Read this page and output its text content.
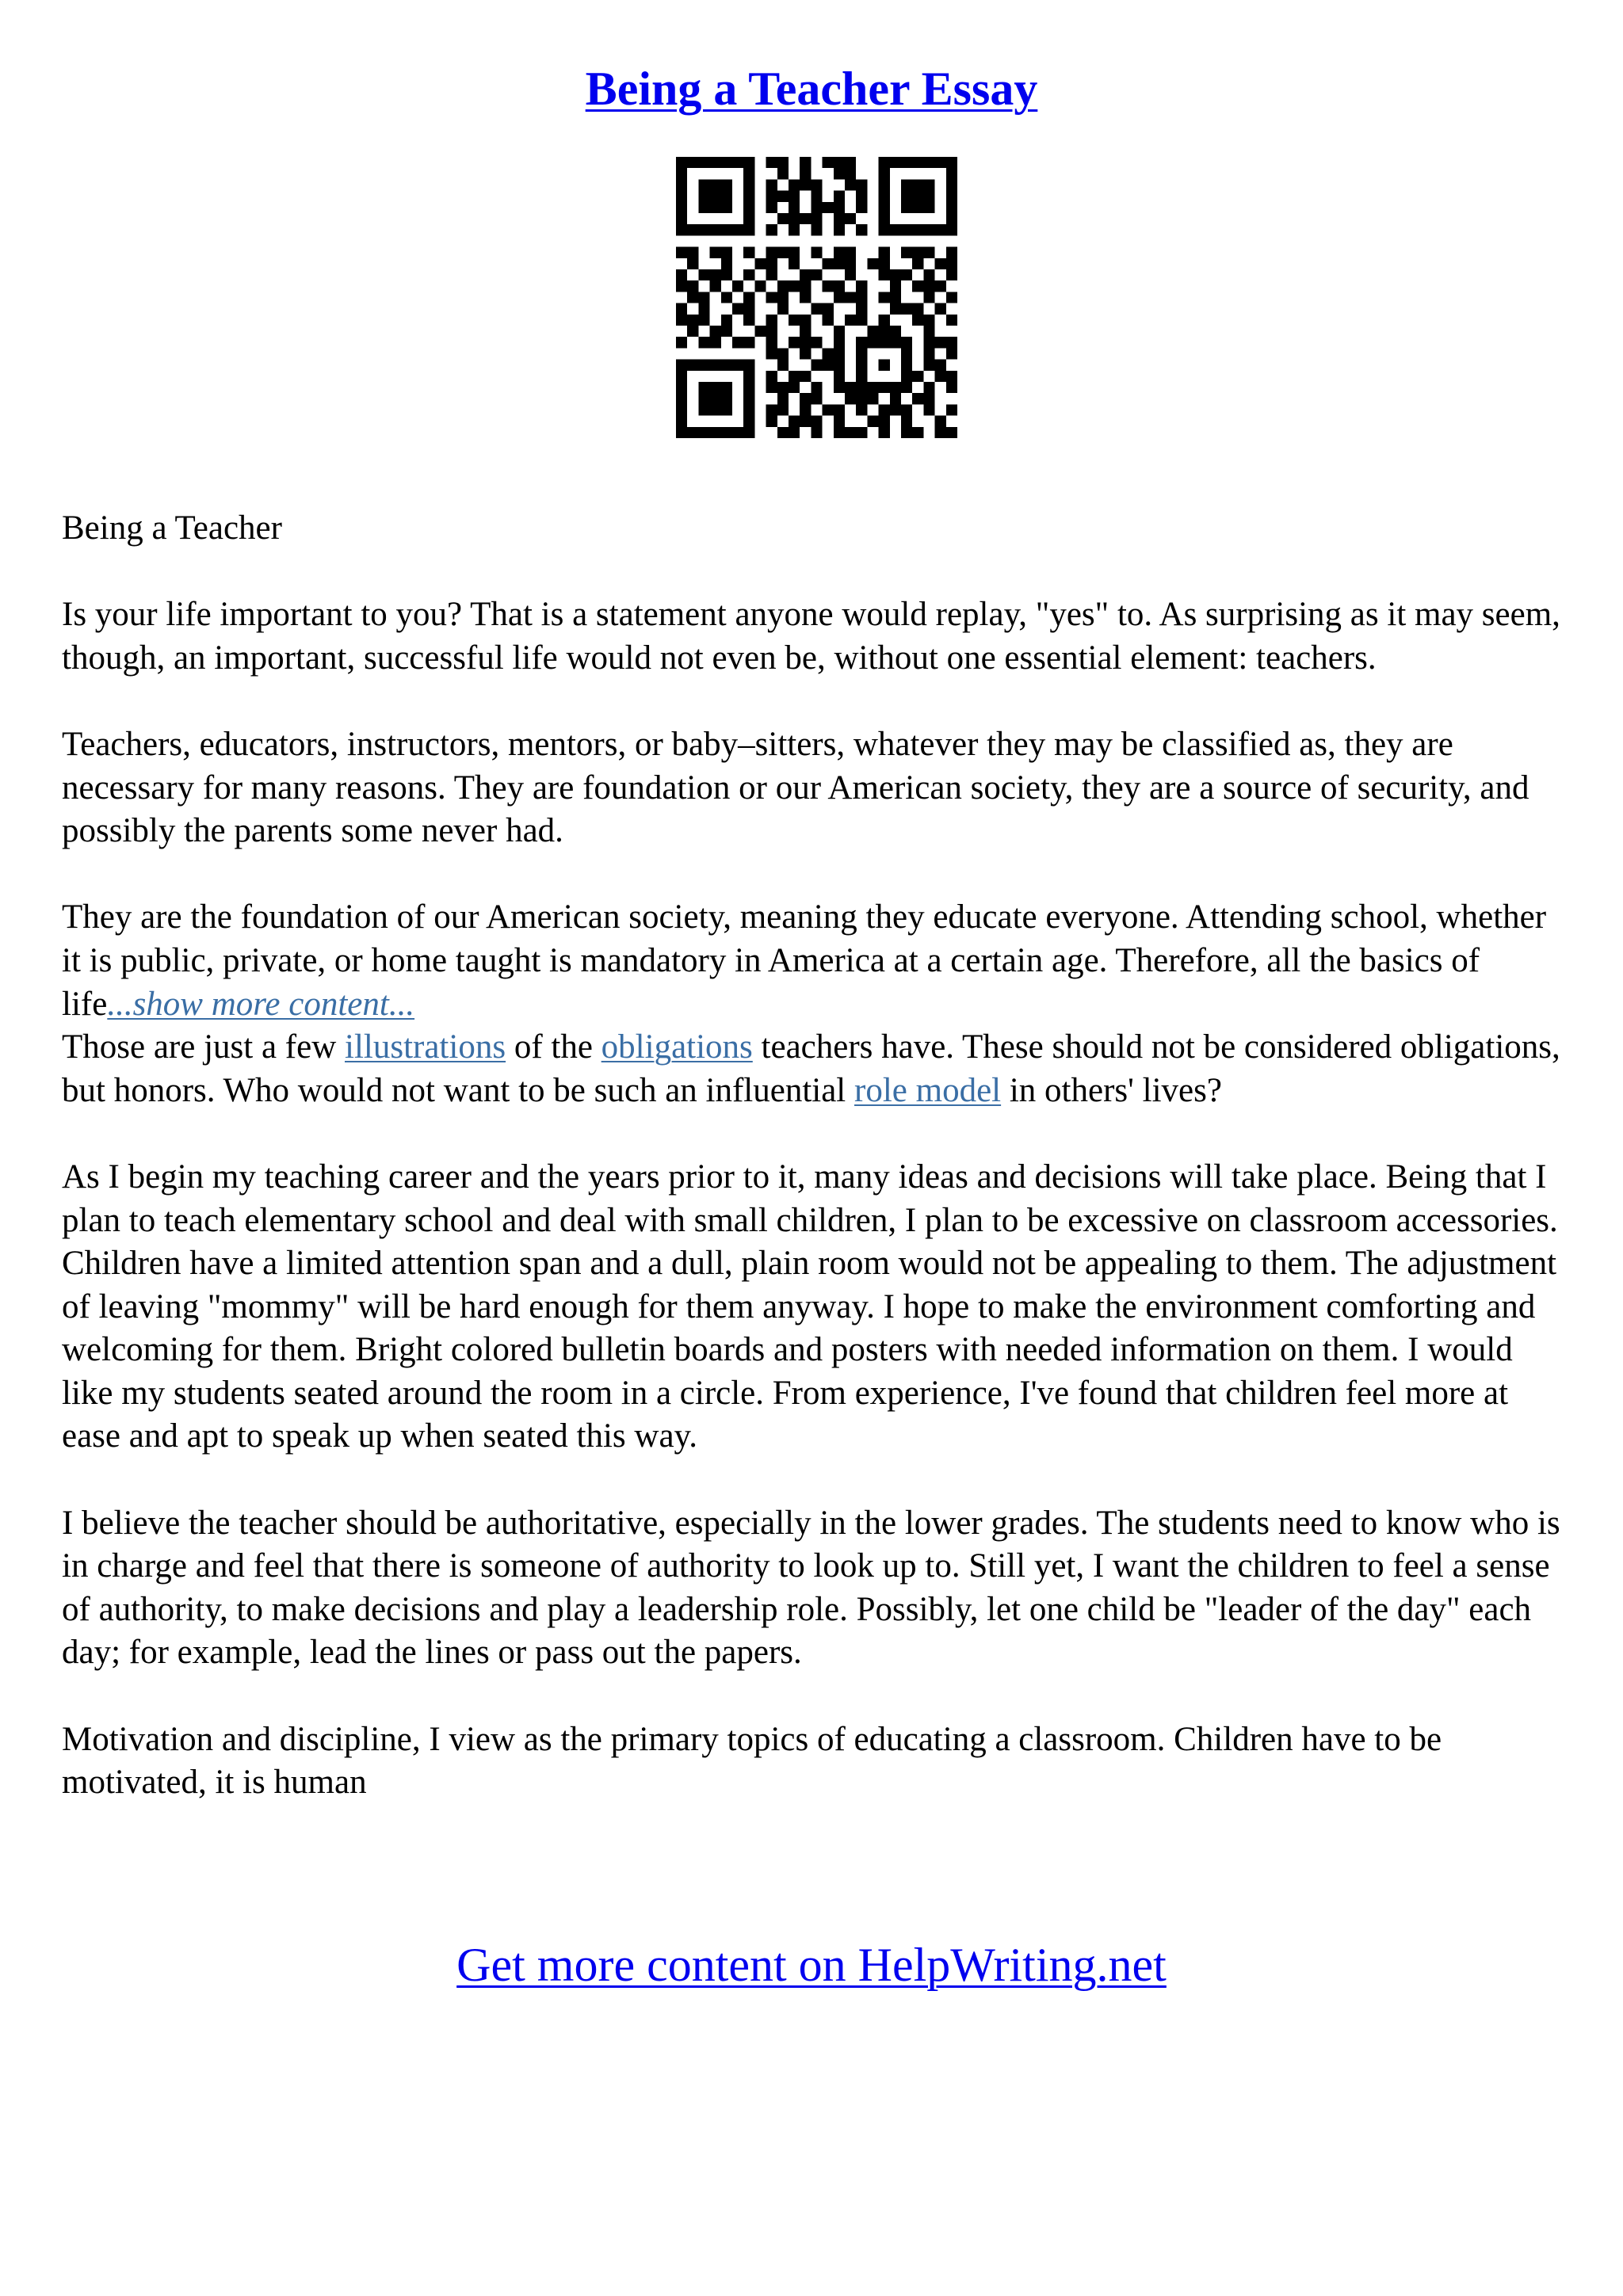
Being a Teacher Essay

Being a Teacher

Is your life important to you? That is a statement anyone would replay, "yes" to. As surprising as it may seem, though, an important, successful life would not even be, without one essential element: teachers.

Teachers, educators, instructors, mentors, or baby–sitters, whatever they may be classified as, they are necessary for many reasons. They are foundation or our American society, they are a source of security, and possibly the parents some never had.

They are the foundation of our American society, meaning they educate everyone. Attending school, whether it is public, private, or home taught is mandatory in America at a certain age. Therefore, all the basics of life...show more content...

Those are just a few illustrations of the obligations teachers have. These should not be considered obligations, but honors. Who would not want to be such an influential role model in others' lives?

As I begin my teaching career and the years prior to it, many ideas and decisions will take place. Being that I plan to teach elementary school and deal with small children, I plan to be excessive on classroom accessories. Children have a limited attention span and a dull, plain room would not be appealing to them. The adjustment of leaving "mommy" will be hard enough for them anyway. I hope to make the environment comforting and welcoming for them. Bright colored bulletin boards and posters with needed information on them. I would like my students seated around the room in a circle. From experience, I've found that children feel more at ease and apt to speak up when seated this way.

I believe the teacher should be authoritative, especially in the lower grades. The students need to know who is in charge and feel that there is someone of authority to look up to. Still yet, I want the children to feel a sense of authority, to make decisions and play a leadership role. Possibly, let one child be "leader of the day" each day; for example, lead the lines or pass out the papers.

Motivation and discipline, I view as the primary topics of educating a classroom. Children have to be motivated, it is human

Get more content on HelpWriting.net
